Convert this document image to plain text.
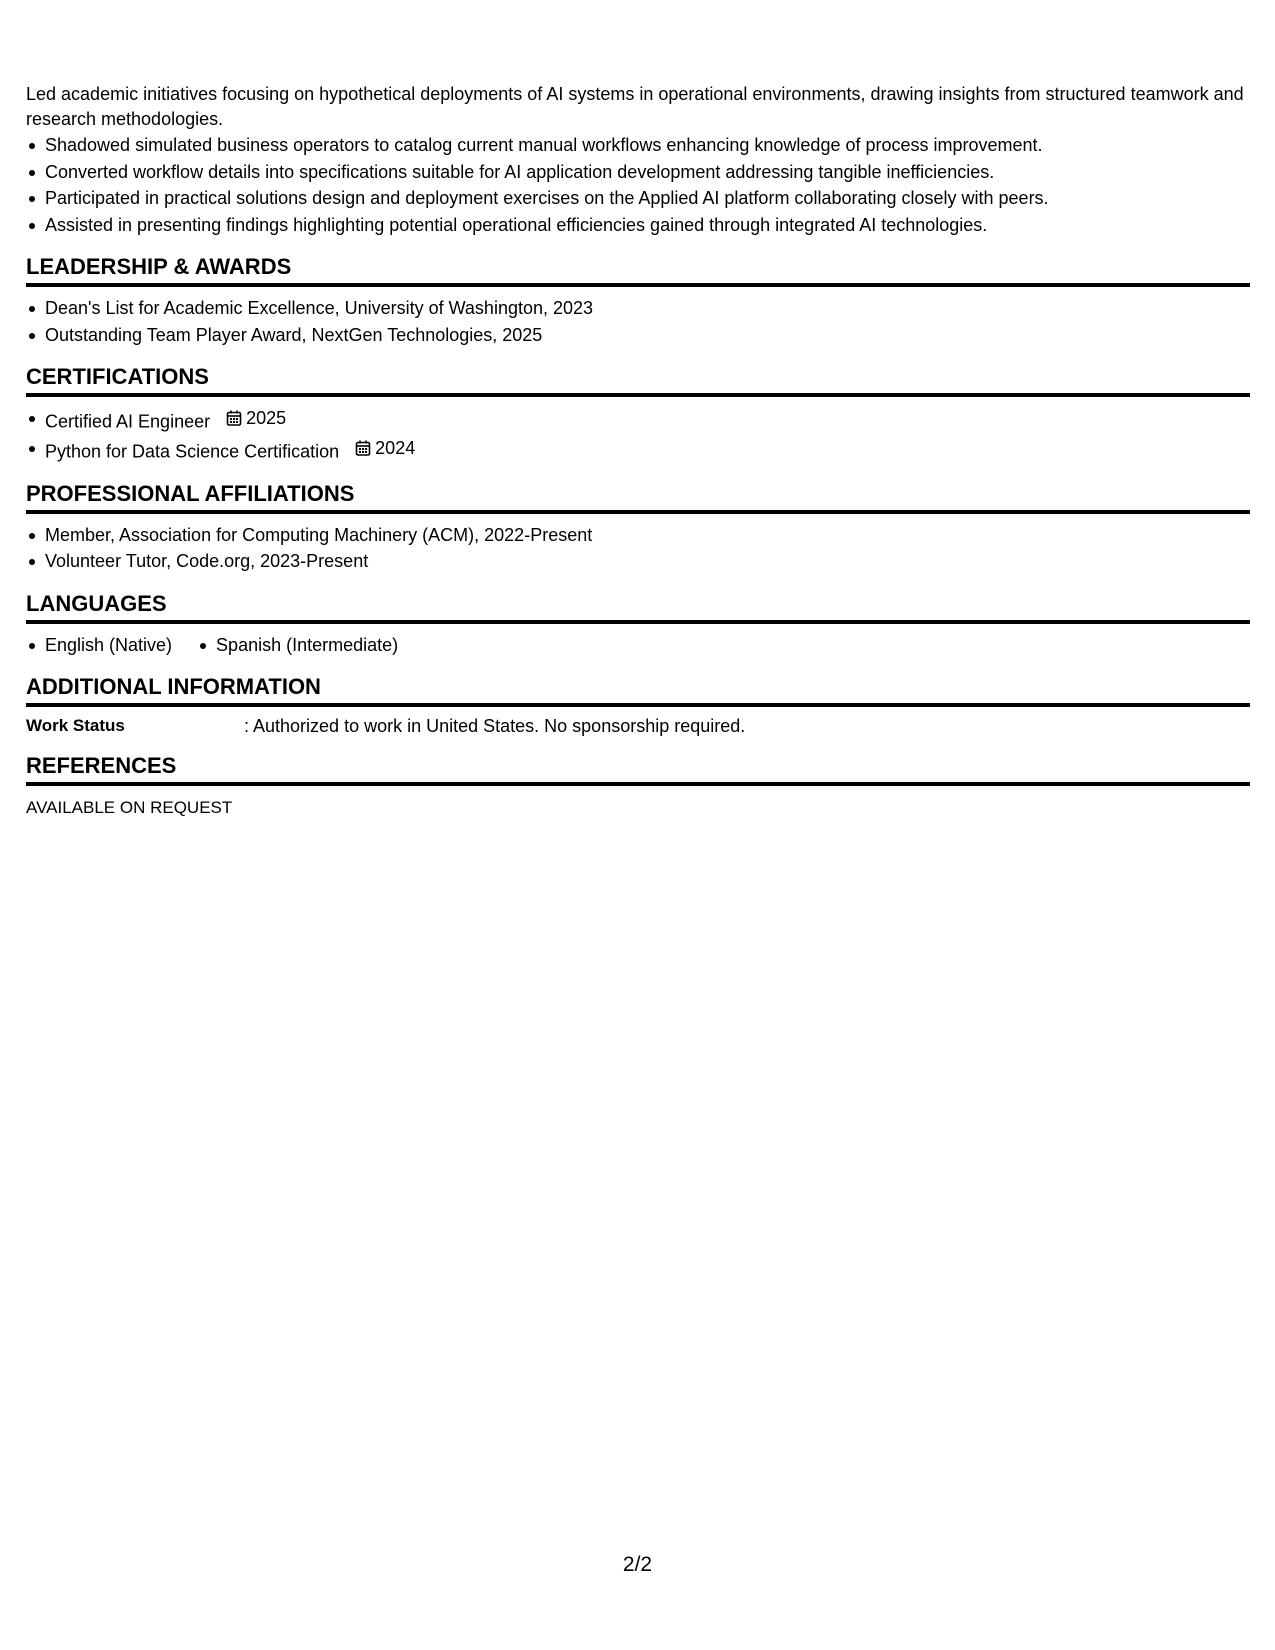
Led academic initiatives focusing on hypothetical deployments of AI systems in operational environments, drawing insights from structured teamwork and research methodologies.

Shadowed simulated business operators to catalog current manual workflows enhancing knowledge of process improvement.
Converted workflow details into specifications suitable for AI application development addressing tangible inefficiencies.
Participated in practical solutions design and deployment exercises on the Applied AI platform collaborating closely with peers.
Assisted in presenting findings highlighting potential operational efficiencies gained through integrated AI technologies.
LEADERSHIP & AWARDS
Dean's List for Academic Excellence, University of Washington, 2023
Outstanding Team Player Award, NextGen Technologies, 2025
CERTIFICATIONS
Certified AI Engineer 2025
Python for Data Science Certification 2024
PROFESSIONAL AFFILIATIONS
Member, Association for Computing Machinery (ACM), 2022-Present
Volunteer Tutor, Code.org, 2023-Present
LANGUAGES
English (Native) Spanish (Intermediate)
ADDITIONAL INFORMATION
Work Status	: Authorized to work in United States. No sponsorship required.
REFERENCES
AVAILABLE ON REQUEST
2/2
